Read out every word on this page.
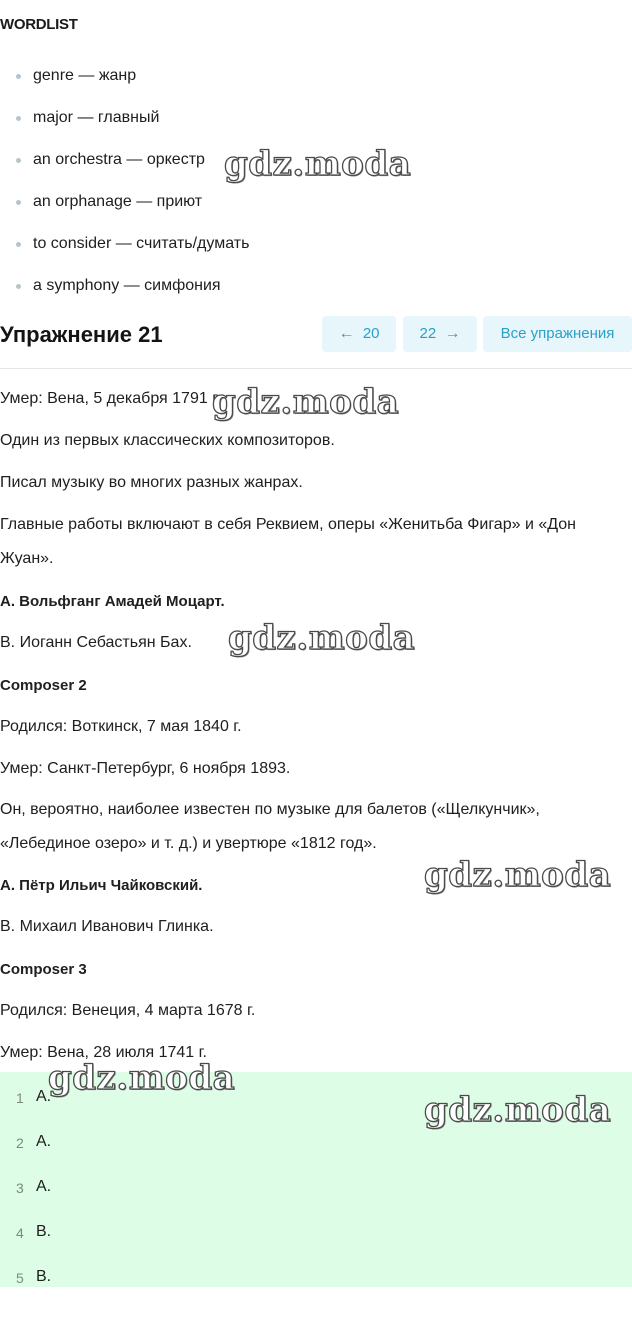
WORDLIST
genre — жанр
major — главный
an orchestra — оркестр
an orphanage — приют
to consider — считать/думать
a symphony — симфония
Упражнение 21	← 20	22 →	Все упражнения
Умер: Вена, 5 декабря 1791 г.
Один из первых классических композиторов.
Писал музыку во многих разных жанрах.
Главные работы включают в себя Реквием, оперы «Женитьба Фигар» и «Дон
Жуан».
A. Вольфганг Амадей Моцарт.
B. Иоганн Себастьян Бах.
Composer 2
Родился: Воткинск, 7 мая 1840 г.
Умер: Санкт-Петербург, 6 ноября 1893.
Он, вероятно, наиболее известен по музыке для балетов («Щелкунчик»,
«Лебединое озеро» и т. д.) и увертюре «1812 год».
A. Пётр Ильич Чайковский.
B. Михаил Иванович Глинка.
Composer 3
Родился: Венеция, 4 марта 1678 г.
Умер: Вена, 28 июля 1741 г.
1 A.
2 A.
3 A.
4 B.
5 B.
gdz.moda
gdz.moda
gdz.moda
gdz.moda
gdz.moda
gdz.moda
